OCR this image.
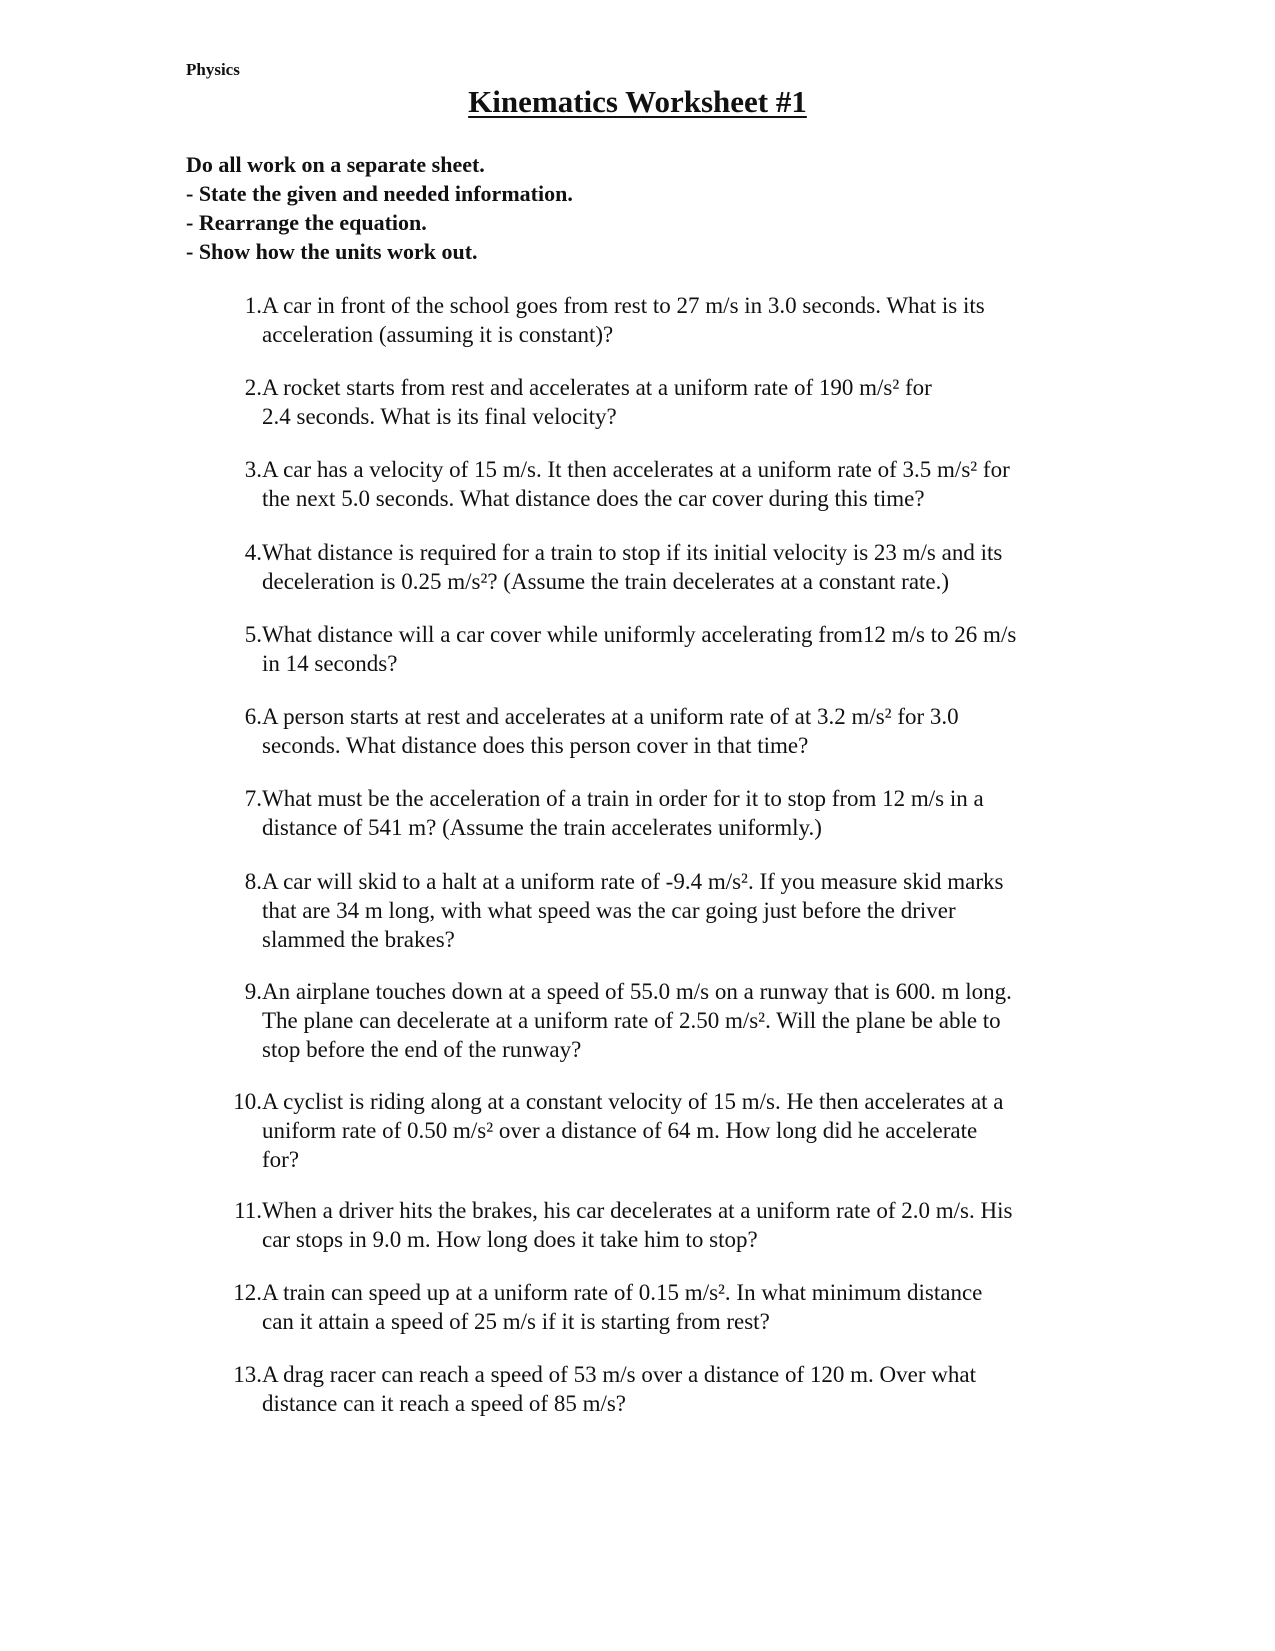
Physics
Kinematics Worksheet #1
Do all work on a separate sheet.
- State the given and needed information.
- Rearrange the equation.
- Show how the units work out.
1. A car in front of the school goes from rest to 27 m/s in 3.0 seconds. What is its
acceleration (assuming it is constant)?
2. A rocket starts from rest and accelerates at a uniform rate of 190 m/s² for
2.4 seconds. What is its final velocity?
3. A car has a velocity of 15 m/s. It then accelerates at a uniform rate of 3.5 m/s² for
the next 5.0 seconds. What distance does the car cover during this time?
4. What distance is required for a train to stop if its initial velocity is 23 m/s and its
deceleration is 0.25 m/s²? (Assume the train decelerates at a constant rate.)
5. What distance will a car cover while uniformly accelerating from12 m/s to 26 m/s
in 14 seconds?
6. A person starts at rest and accelerates at a uniform rate of at 3.2 m/s² for 3.0
seconds. What distance does this person cover in that time?
7. What must be the acceleration of a train in order for it to stop from 12 m/s in a
distance of 541 m? (Assume the train accelerates uniformly.)
8. A car will skid to a halt at a uniform rate of -9.4 m/s². If you measure skid marks
that are 34 m long, with what speed was the car going just before the driver
slammed the brakes?
9. An airplane touches down at a speed of 55.0 m/s on a runway that is 600. m long.
The plane can decelerate at a uniform rate of 2.50 m/s². Will the plane be able to
stop before the end of the runway?
10. A cyclist is riding along at a constant velocity of 15 m/s. He then accelerates at a
uniform rate of 0.50 m/s² over a distance of 64 m. How long did he accelerate
for?
11. When a driver hits the brakes, his car decelerates at a uniform rate of 2.0 m/s. His
car stops in 9.0 m. How long does it take him to stop?
12. A train can speed up at a uniform rate of 0.15 m/s². In what minimum distance
can it attain a speed of 25 m/s if it is starting from rest?
13. A drag racer can reach a speed of 53 m/s over a distance of 120 m. Over what
distance can it reach a speed of 85 m/s?
